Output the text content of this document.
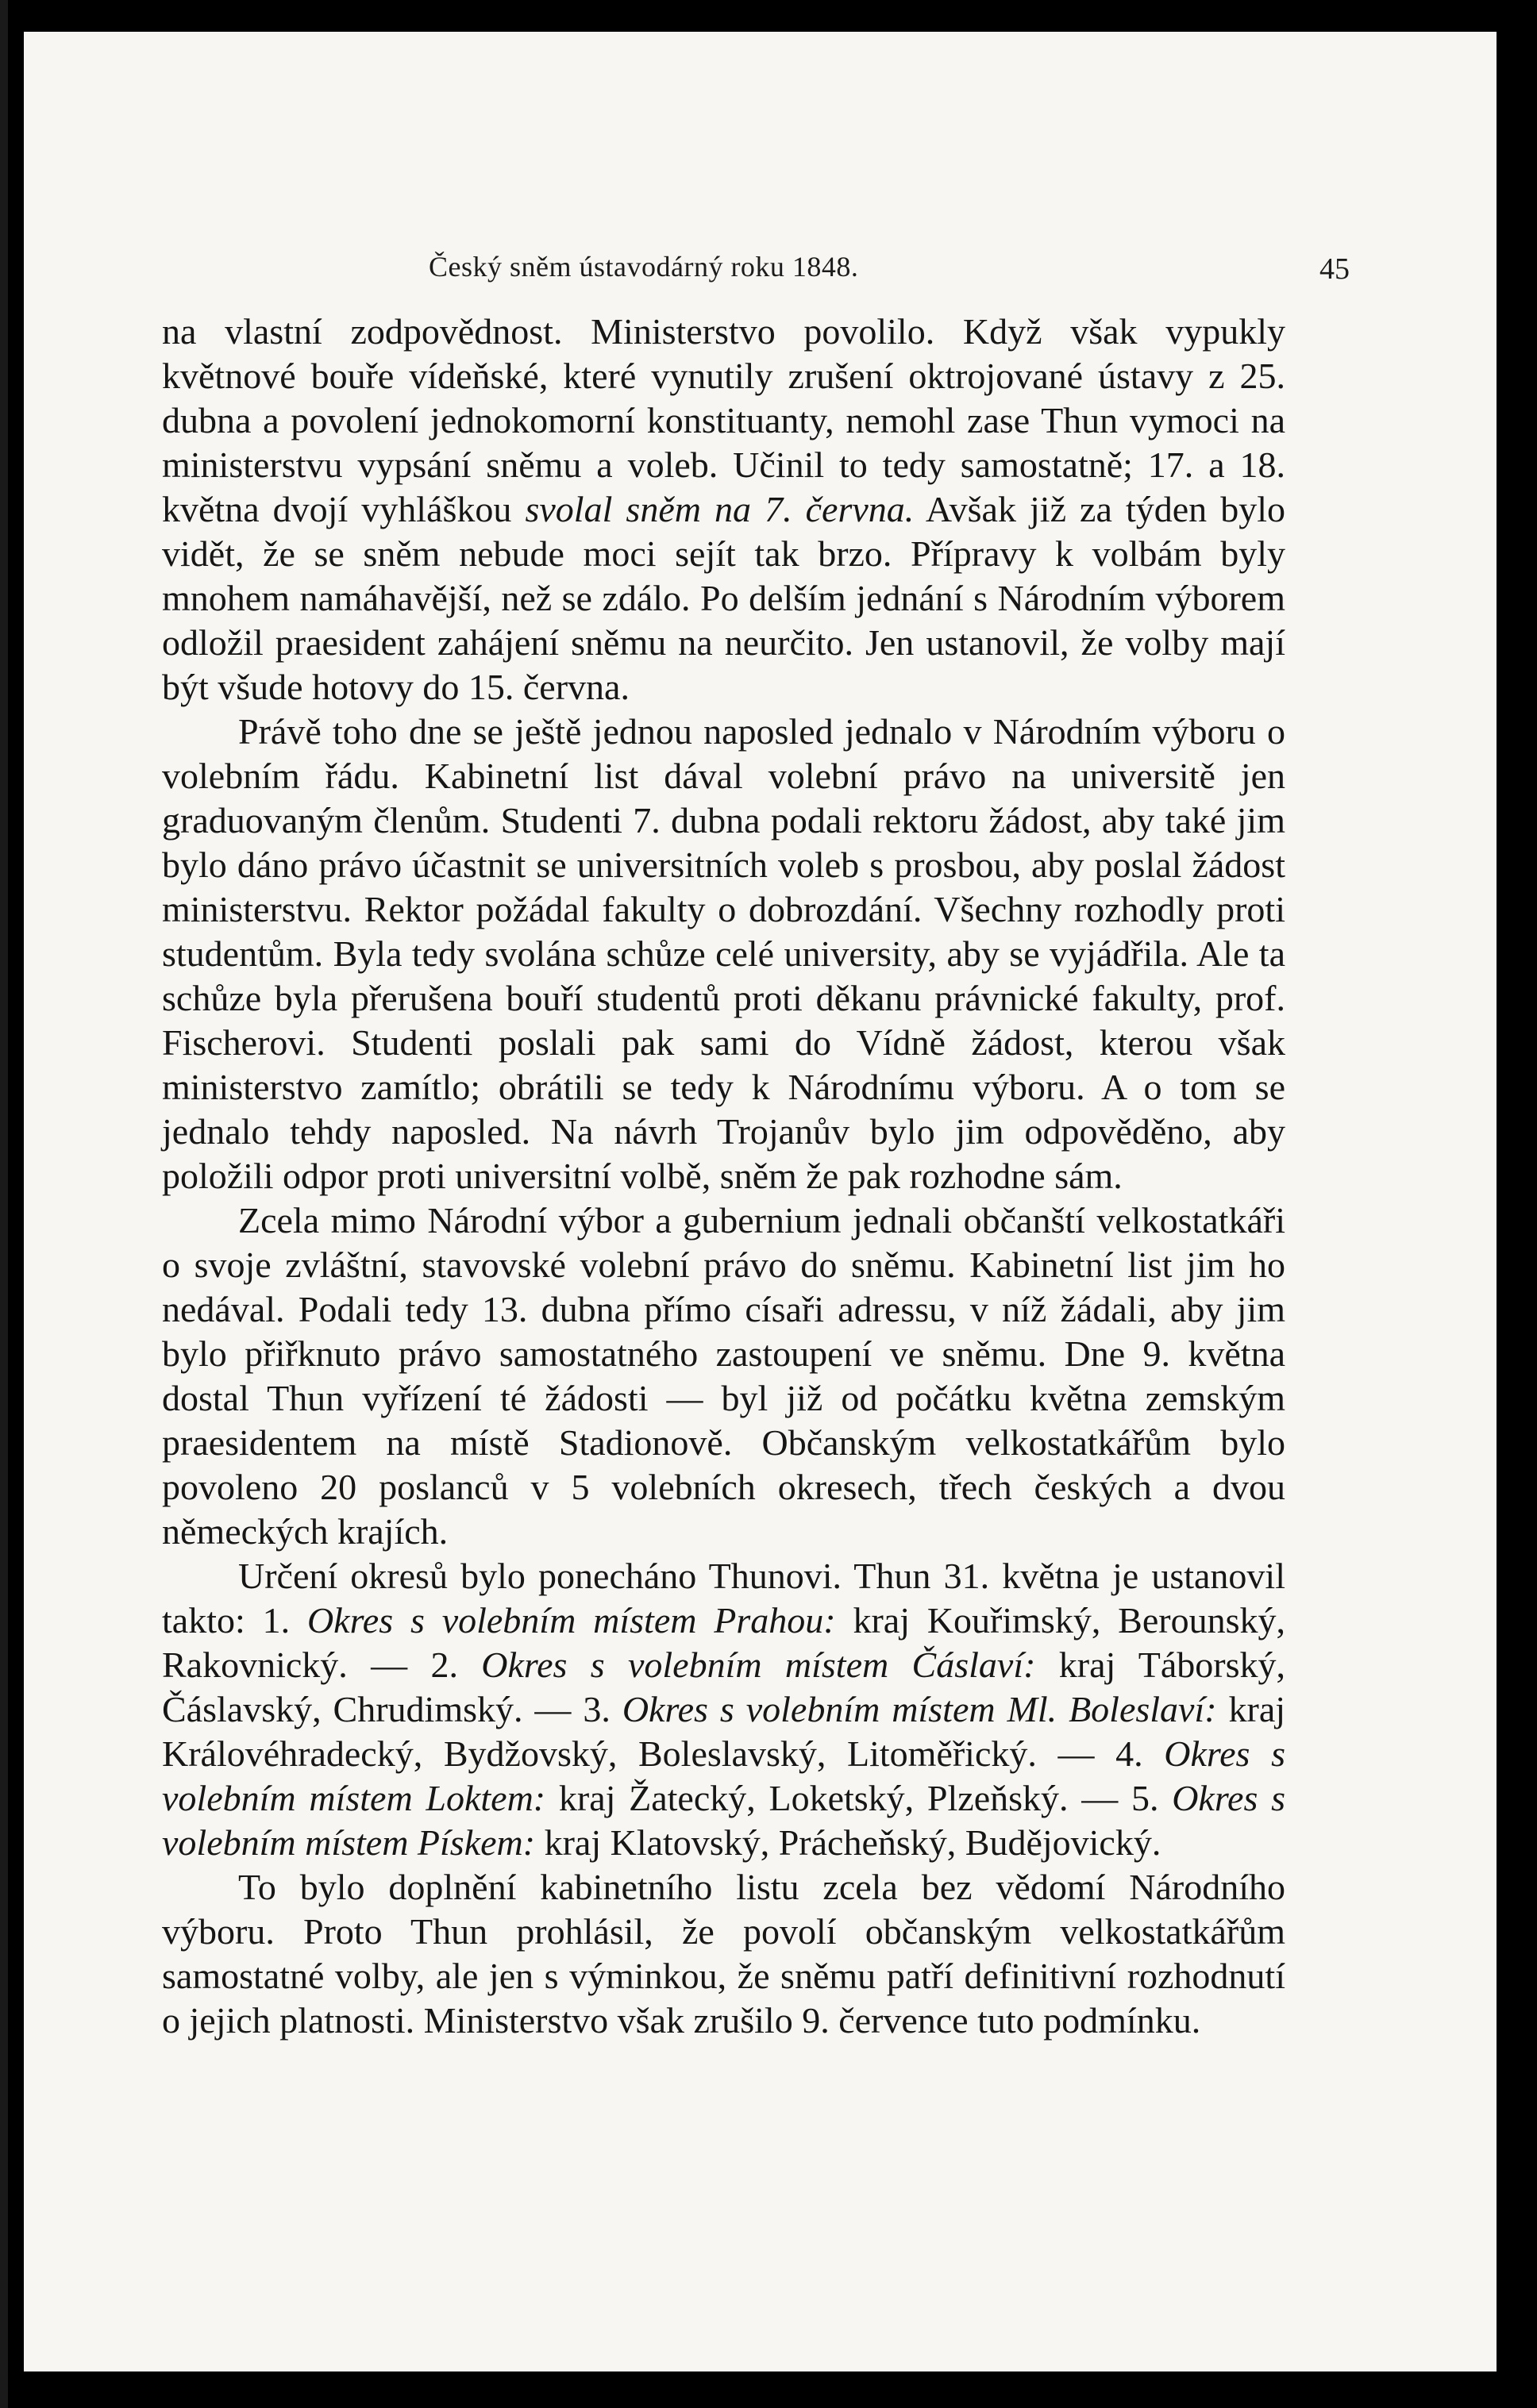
Český sněm ústavodárný roku 1848.	45

na vlastní zodpovědnost. Ministerstvo povolilo. Když však vypukly květnové bouře vídeňské, které vynutily zrušení oktrojované ústavy z 25. dubna a povolení jednokomorní konstituanty, nemohl zase Thun vymoci na ministerstvu vypsání sněmu a voleb. Učinil to tedy samostatně; 17. a 18. května dvojí vyhláškou svolal sněm na 7. června. Avšak již za týden bylo vidět, že se sněm nebude moci sejít tak brzo. Přípravy k volbám byly mnohem namáhavější, než se zdálo. Po delším jednání s Národním výborem odložil praesident zahájení sněmu na neurčito. Jen ustanovil, že volby mají být všude hotovy do 15. června.

Právě toho dne se ještě jednou naposled jednalo v Národním výboru o volebním řádu. Kabinetní list dával volební právo na universitě jen graduovaným členům. Studenti 7. dubna podali rektoru žádost, aby také jim bylo dáno právo účastnit se universitních voleb s prosbou, aby poslal žádost ministerstvu. Rektor požádal fakulty o dobrozdání. Všechny rozhodly proti studentům. Byla tedy svolána schůze celé university, aby se vyjádřila. Ale ta schůze byla přerušena bouří studentů proti děkanu právnické fakulty, prof. Fischerovi. Studenti poslali pak sami do Vídně žádost, kterou však ministerstvo zamítlo; obrátili se tedy k Národnímu výboru. A o tom se jednalo tehdy naposled. Na návrh Trojanův bylo jim odpověděno, aby položili odpor proti universitní volbě, sněm že pak rozhodne sám.

Zcela mimo Národní výbor a gubernium jednali občanští velkostatkáři o svoje zvláštní, stavovské volební právo do sněmu. Kabinetní list jim ho nedával. Podali tedy 13. dubna přímo císaři adressu, v níž žádali, aby jim bylo přiřknuto právo samostatného zastoupení ve sněmu. Dne 9. května dostal Thun vyřízení té žádosti — byl již od počátku května zemským praesidentem na místě Stadionově. Občanským velkostatkářům bylo povoleno 20 poslanců v 5 volebních okresech, třech českých a dvou německých krajích.

Určení okresů bylo ponecháno Thunovi. Thun 31. května je ustanovil takto: 1. Okres s volebním místem Prahou: kraj Kouřimský, Berounský, Rakovnický. — 2. Okres s volebním místem Čáslaví: kraj Táborský, Čáslavský, Chrudimský. — 3. Okres s volebním místem Ml. Boleslaví: kraj Královéhradecký, Bydžovský, Boleslavský, Litoměřický. — 4. Okres s volebním místem Loktem: kraj Žatecký, Loketský, Plzeňský. — 5. Okres s volebním místem Pískem: kraj Klatovský, Prácheňský, Budějovický.

To bylo doplnění kabinetního listu zcela bez vědomí Národního výboru. Proto Thun prohlásil, že povolí občanským velkostatkářům samostatné volby, ale jen s výminkou, že sněmu patří definitivní rozhodnutí o jejich platnosti. Ministerstvo však zrušilo 9. července tuto podmínku.
